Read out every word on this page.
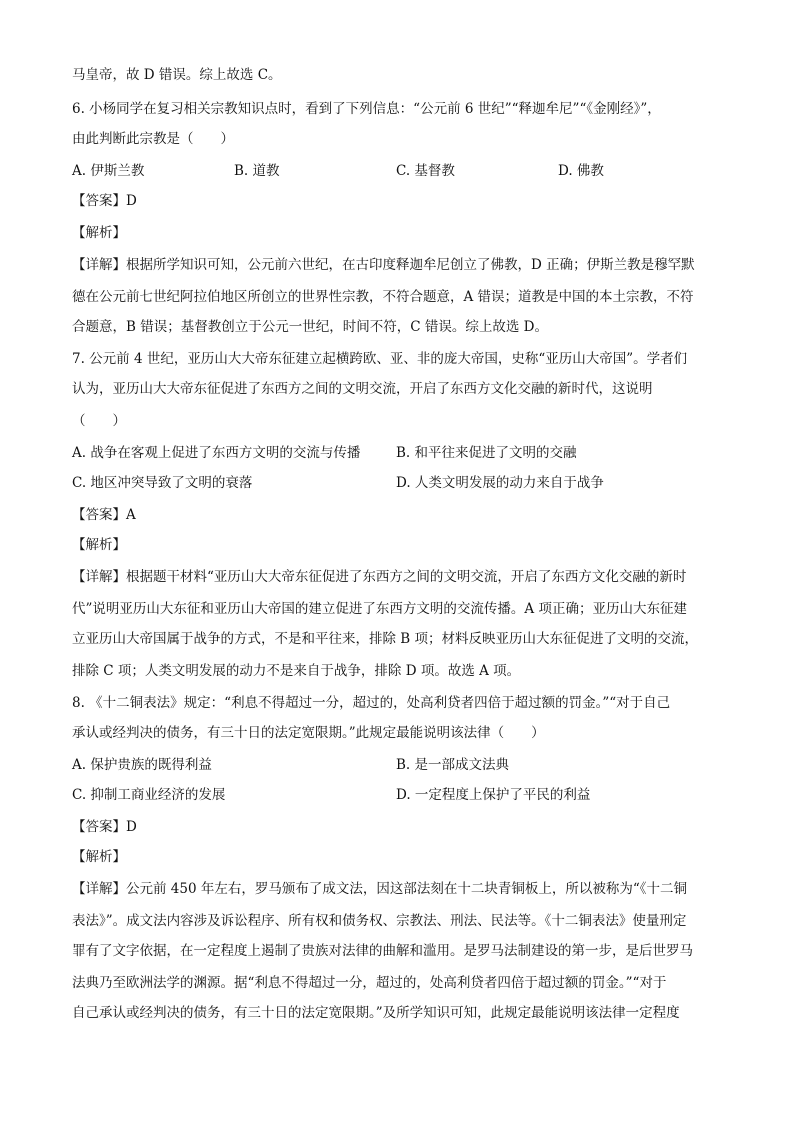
马皇帝，故 D 错误。综上故选 C。
6. 小杨同学在复习相关宗教知识点时，看到了下列信息：“公元前 6 世纪”“释迦牟尼”“《金刚经》”，
由此判断此宗教是（　　）
A. 伊斯兰教	B. 道教	C. 基督教	D. 佛教
【答案】D
【解析】
【详解】根据所学知识可知，公元前六世纪，在古印度释迦牟尼创立了佛教，D 正确；伊斯兰教是穆罕默
德在公元前七世纪阿拉伯地区所创立的世界性宗教，不符合题意，A 错误；道教是中国的本土宗教，不符
合题意，B 错误；基督教创立于公元一世纪，时间不符，C 错误。综上故选 D。
7. 公元前 4 世纪，亚历山大大帝东征建立起横跨欧、亚、非的庞大帝国，史称“亚历山大帝国”。学者们
认为，亚历山大大帝东征促进了东西方之间的文明交流，开启了东西方文化交融的新时代，这说明
（　　）
A. 战争在客观上促进了东西方文明的交流与传播	B. 和平往来促进了文明的交融
C. 地区冲突导致了文明的衰落	D. 人类文明发展的动力来自于战争
【答案】A
【解析】
【详解】根据题干材料“亚历山大大帝东征促进了东西方之间的文明交流，开启了东西方文化交融的新时
代”说明亚历山大东征和亚历山大帝国的建立促进了东西方文明的交流传播。A 项正确；亚历山大东征建
立亚历山大帝国属于战争的方式，不是和平往来，排除 B 项；材料反映亚历山大东征促进了文明的交流，
排除 C 项；人类文明发展的动力不是来自于战争，排除 D 项。故选 A 项。
8. 《十二铜表法》规定：“利息不得超过一分，超过的，处高利贷者四倍于超过额的罚金。”“对于自己
承认或经判决的债务，有三十日的法定宽限期。”此规定最能说明该法律（　　）
A. 保护贵族的既得利益	B. 是一部成文法典
C. 抑制工商业经济的发展	D. 一定程度上保护了平民的利益
【答案】D
【解析】
【详解】公元前 450 年左右，罗马颁布了成文法，因这部法刻在十二块青铜板上，所以被称为“《十二铜
表法》”。成文法内容涉及诉讼程序、所有权和债务权、宗教法、刑法、民法等。《十二铜表法》使量刑定
罪有了文字依据，在一定程度上遏制了贵族对法律的曲解和滥用。是罗马法制建设的第一步，是后世罗马
法典乃至欧洲法学的渊源。据“利息不得超过一分，超过的，处高利贷者四倍于超过额的罚金。”“对于
自己承认或经判决的债务，有三十日的法定宽限期。”及所学知识可知，此规定最能说明该法律一定程度
